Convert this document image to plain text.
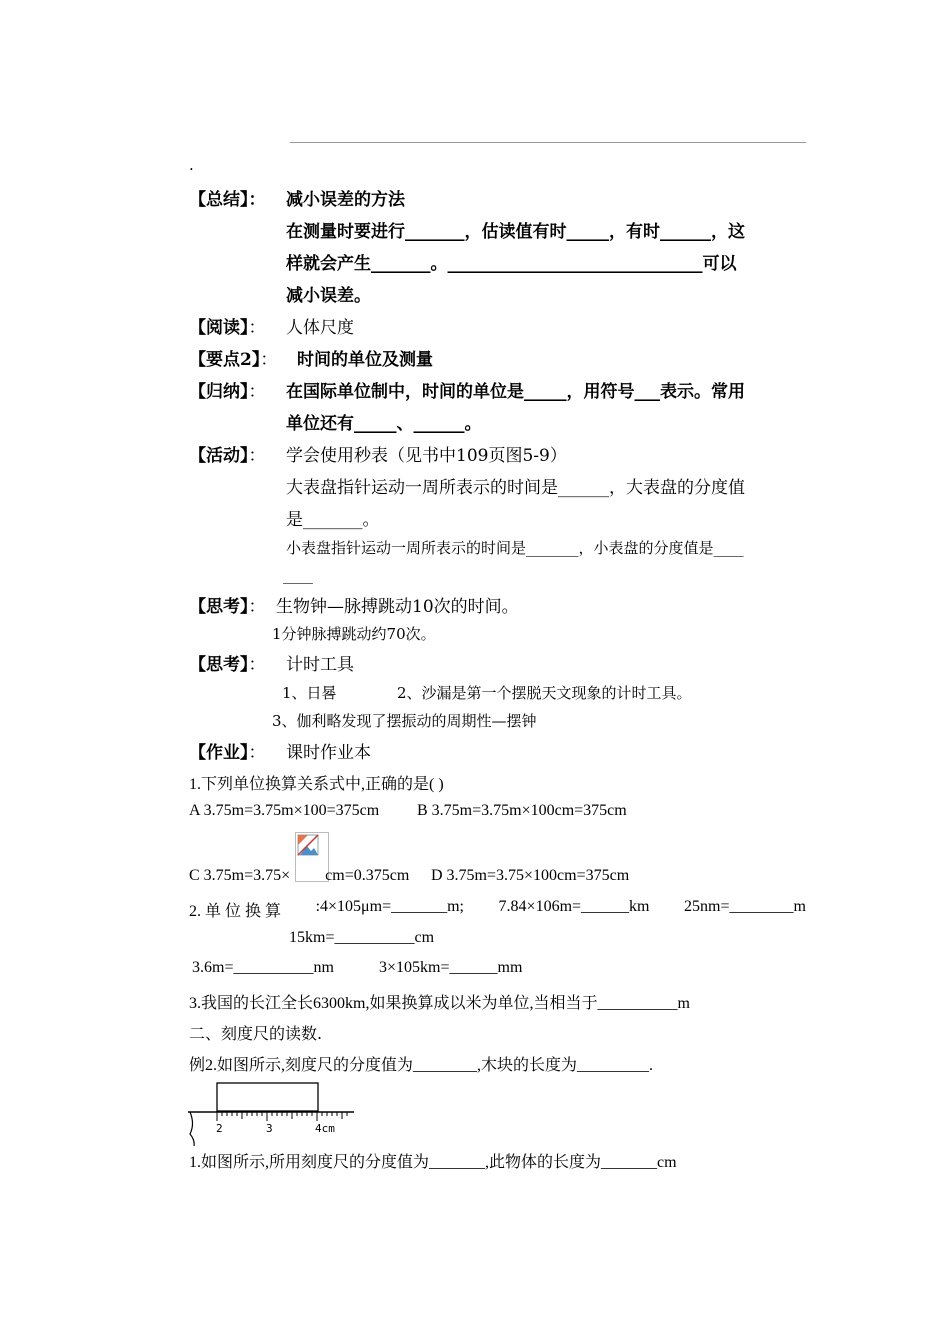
.
【总结】： 减小误差的方法
在测量时要进行_______，估读值有时_____，有时______，这
样就会产生_______。______________________________可以
减小误差。
【阅读】： 人体尺度
【要点2】： 时间的单位及测量
【归纳】： 在国际单位制中，时间的单位是_____，用符号___表示。常用
单位还有_____、______。
【活动】： 学会使用秒表（见书中109页图5-9）
大表盘指针运动一周所表示的时间是______，大表盘的分度值
是_______。
小表盘指针运动一周所表示的时间是_______，小表盘的分度值是____
____
【思考】： 生物钟—脉搏跳动10次的时间。
1分钟脉搏跳动约70次。
【思考】： 计时工具
1、日晷	2、沙漏是第一个摆脱天文现象的计时工具。
3、伽利略发现了摆振动的周期性—摆钟
【作业】： 课时作业本
1.下列单位换算关系式中,正确的是( )
A 3.75m=3.75m×100=375cm B 3.75m=3.75m×100cm=375cm
C 3.75m=3.75× cm=0.375cm D 3.75m=3.75×100cm=375cm
2. 单 位 换 算 :4×105μm=_______m; 7.84×106m=______km 25nm=________m
15km=__________cm
3.6m=__________nm	3×105km=______mm
3.我国的长江全长6300km,如果换算成以米为单位,当相当于__________m
二、刻度尺的读数.
例2.如图所示,刻度尺的分度值为________,木块的长度为_________.
2	3	4cm
1.如图所示,所用刻度尺的分度值为_______,此物体的长度为_______cm
